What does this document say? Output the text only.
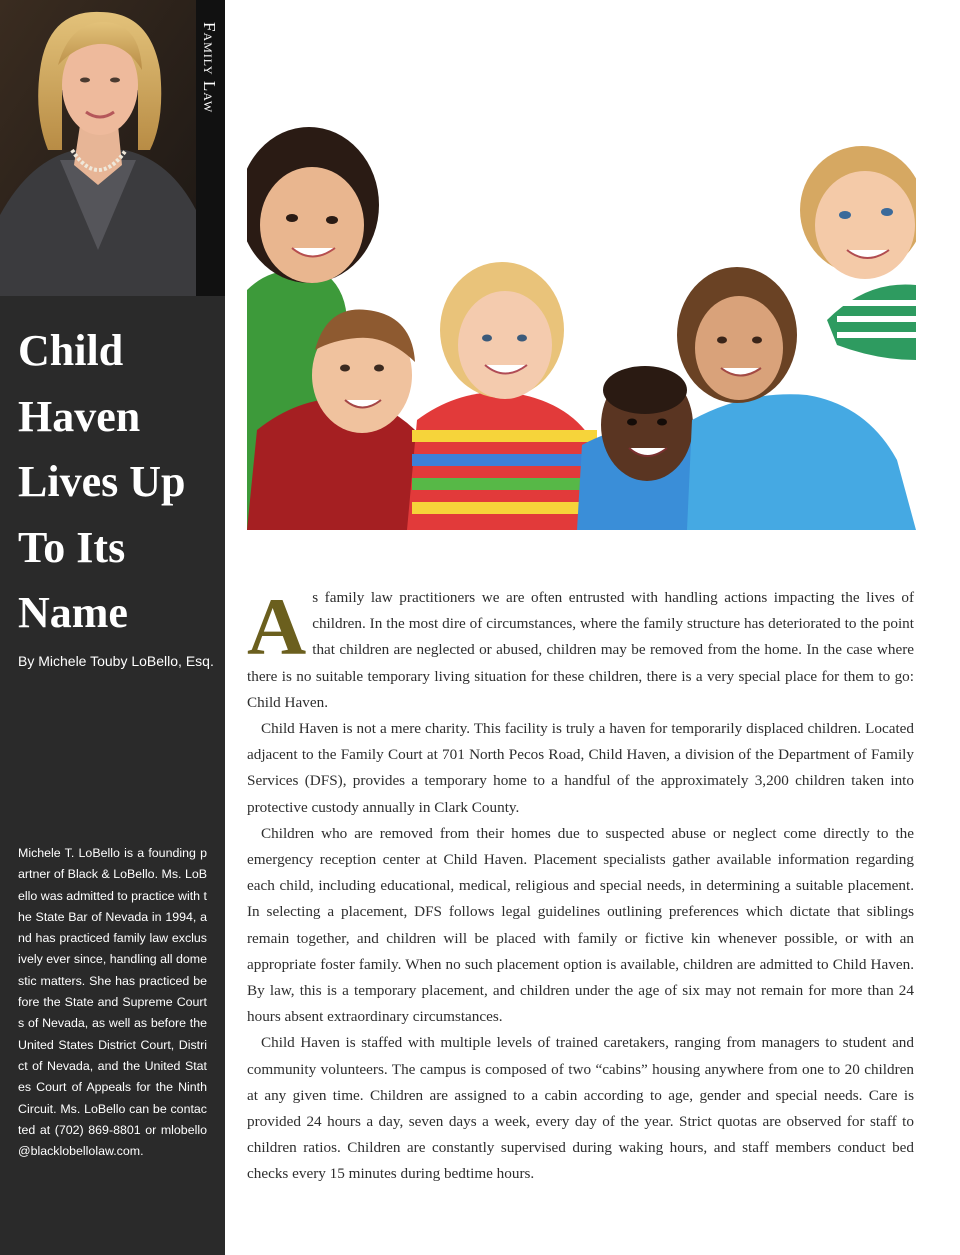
Family Law
Child
Haven
Lives Up
To Its
Name
By Michele Touby LoBello, Esq.
Michele T. LoBello is a founding partner of Black & LoBello. Ms. LoBello was admitted to practice with the State Bar of Nevada in 1994, and has practiced family law exclusively ever since, handling all domestic matters. She has practiced before the State and Supreme Courts of Nevada, as well as before the United States District Court, District of Nevada, and the United States Court of Appeals for the Ninth Circuit. Ms. LoBello can be contacted at (702) 869-8801 or mlobello@blacklobellolaw.com.

As family law practitioners we are often entrusted with handling actions impacting the lives of children. In the most dire of circumstances, where the family structure has deteriorated to the point that children are neglected or abused, children may be removed from the home. In the case where there is no suitable temporary living situation for these children, there is a very special place for them to go: Child Haven.

Child Haven is not a mere charity. This facility is truly a haven for temporarily displaced children. Located adjacent to the Family Court at 701 North Pecos Road, Child Haven, a division of the Department of Family Services (DFS), provides a temporary home to a handful of the approximately 3,200 children taken into protective custody annually in Clark County.

Children who are removed from their homes due to suspected abuse or neglect come directly to the emergency reception center at Child Haven. Placement specialists gather available information regarding each child, including educational, medical, religious and special needs, in determining a suitable placement. In selecting a placement, DFS follows legal guidelines outlining preferences which dictate that siblings remain together, and children will be placed with family or fictive kin whenever possible, or with an appropriate foster family. When no such placement option is available, children are admitted to Child Haven. By law, this is a temporary placement, and children under the age of six may not remain for more than 24 hours absent extraordinary circumstances.

Child Haven is staffed with multiple levels of trained caretakers, ranging from managers to student and community volunteers. The campus is composed of two “cabins” housing anywhere from one to 20 children at any given time. Children are assigned to a cabin according to age, gender and special needs. Care is provided 24 hours a day, seven days a week, every day of the year. Strict quotas are observed for staff to children ratios. Children are constantly supervised during waking hours, and staff members conduct bed checks every 15 minutes during bedtime hours.
